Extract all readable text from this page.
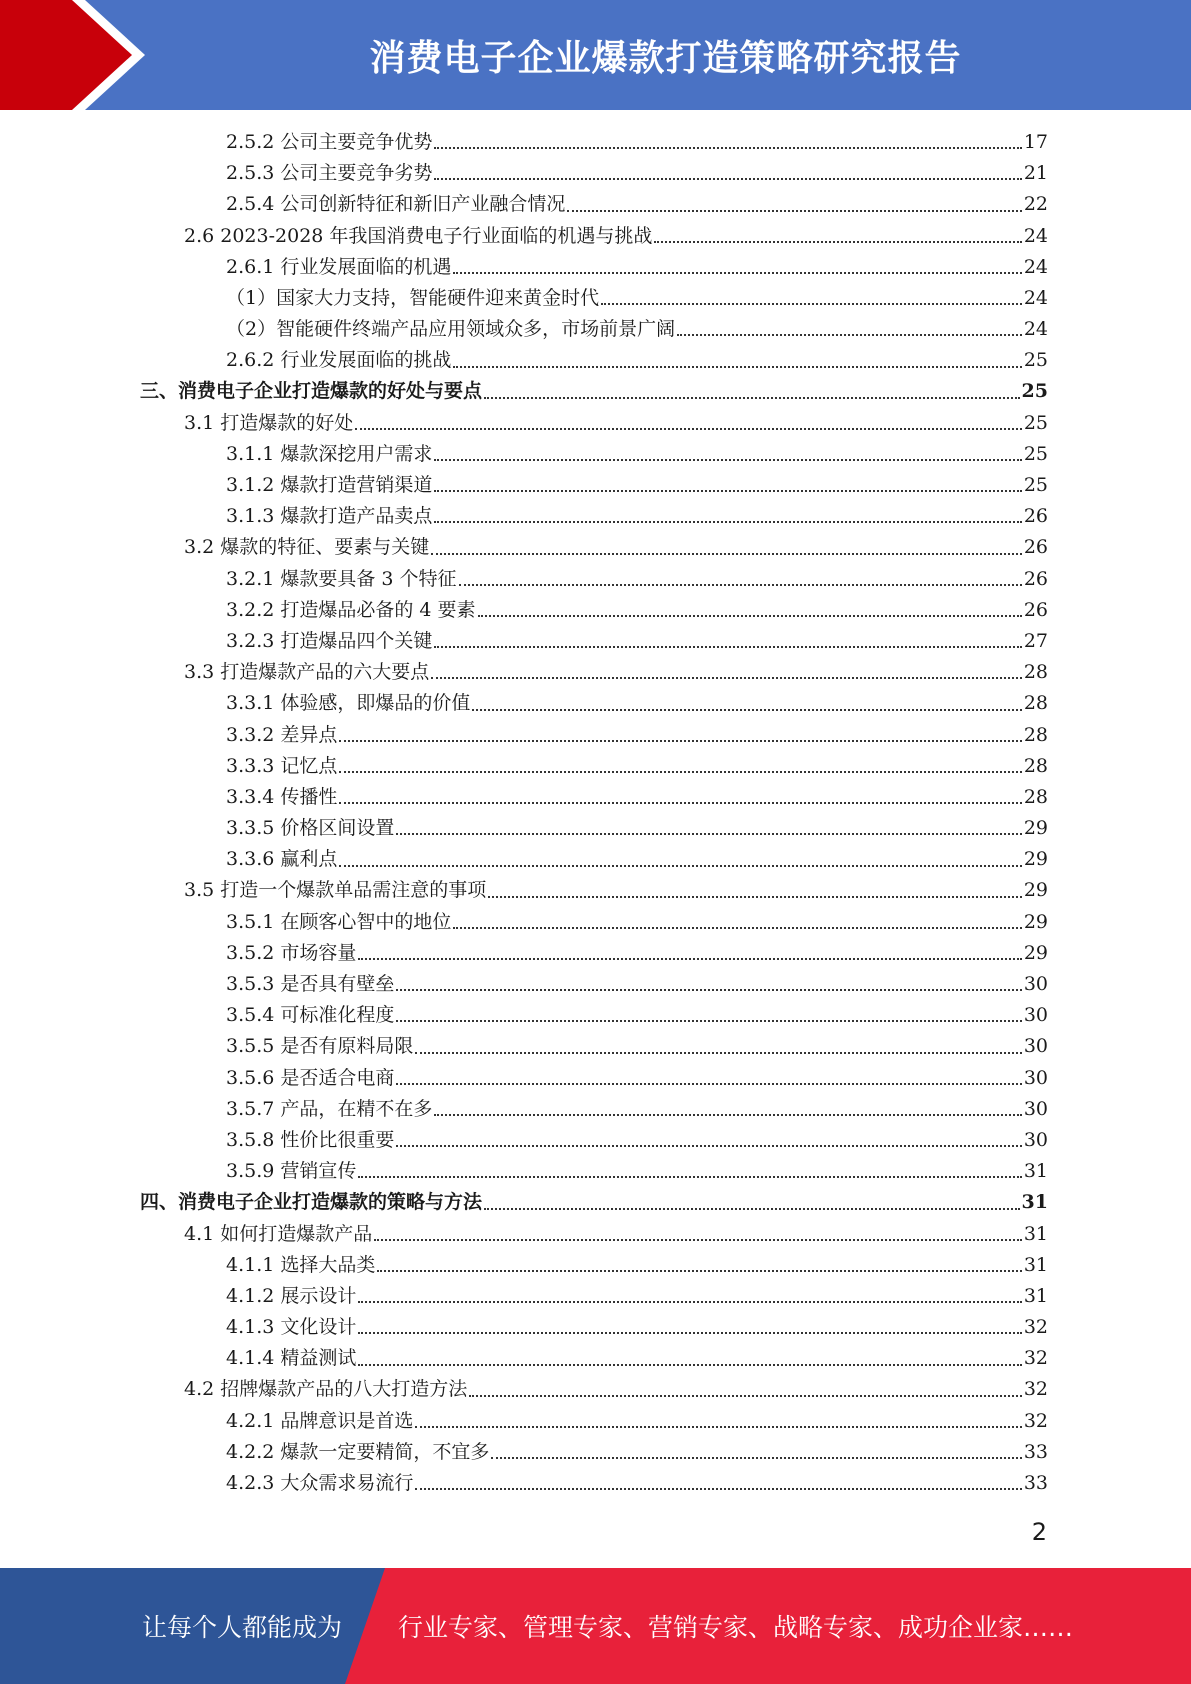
消费电子企业爆款打造策略研究报告
2.5.2 公司主要竞争优势	17
2.5.3 公司主要竞争劣势	21
2.5.4 公司创新特征和新旧产业融合情况	22
2.6 2023-2028 年我国消费电子行业面临的机遇与挑战	24
2.6.1 行业发展面临的机遇	24
（1）国家大力支持，智能硬件迎来黄金时代	24
（2）智能硬件终端产品应用领域众多，市场前景广阔	24
2.6.2 行业发展面临的挑战	25
三、消费电子企业打造爆款的好处与要点	25
3.1 打造爆款的好处	25
3.1.1 爆款深挖用户需求	25
3.1.2 爆款打造营销渠道	25
3.1.3 爆款打造产品卖点	26
3.2 爆款的特征、要素与关键	26
3.2.1 爆款要具备 3 个特征	26
3.2.2 打造爆品必备的 4 要素	26
3.2.3 打造爆品四个关键	27
3.3 打造爆款产品的六大要点	28
3.3.1 体验感，即爆品的价值	28
3.3.2 差异点	28
3.3.3 记忆点	28
3.3.4 传播性	28
3.3.5 价格区间设置	29
3.3.6 赢利点	29
3.5 打造一个爆款单品需注意的事项	29
3.5.1 在顾客心智中的地位	29
3.5.2 市场容量	29
3.5.3 是否具有壁垒	30
3.5.4 可标准化程度	30
3.5.5 是否有原料局限	30
3.5.6 是否适合电商	30
3.5.7 产品，在精不在多	30
3.5.8 性价比很重要	30
3.5.9 营销宣传	31
四、消费电子企业打造爆款的策略与方法	31
4.1 如何打造爆款产品	31
4.1.1 选择大品类	31
4.1.2 展示设计	31
4.1.3 文化设计	32
4.1.4 精益测试	32
4.2 招牌爆款产品的八大打造方法	32
4.2.1 品牌意识是首选	32
4.2.2 爆款一定要精简，不宜多	33
4.2.3 大众需求易流行	33
2
让每个人都能成为 行业专家、管理专家、营销专家、战略专家、成功企业家……
